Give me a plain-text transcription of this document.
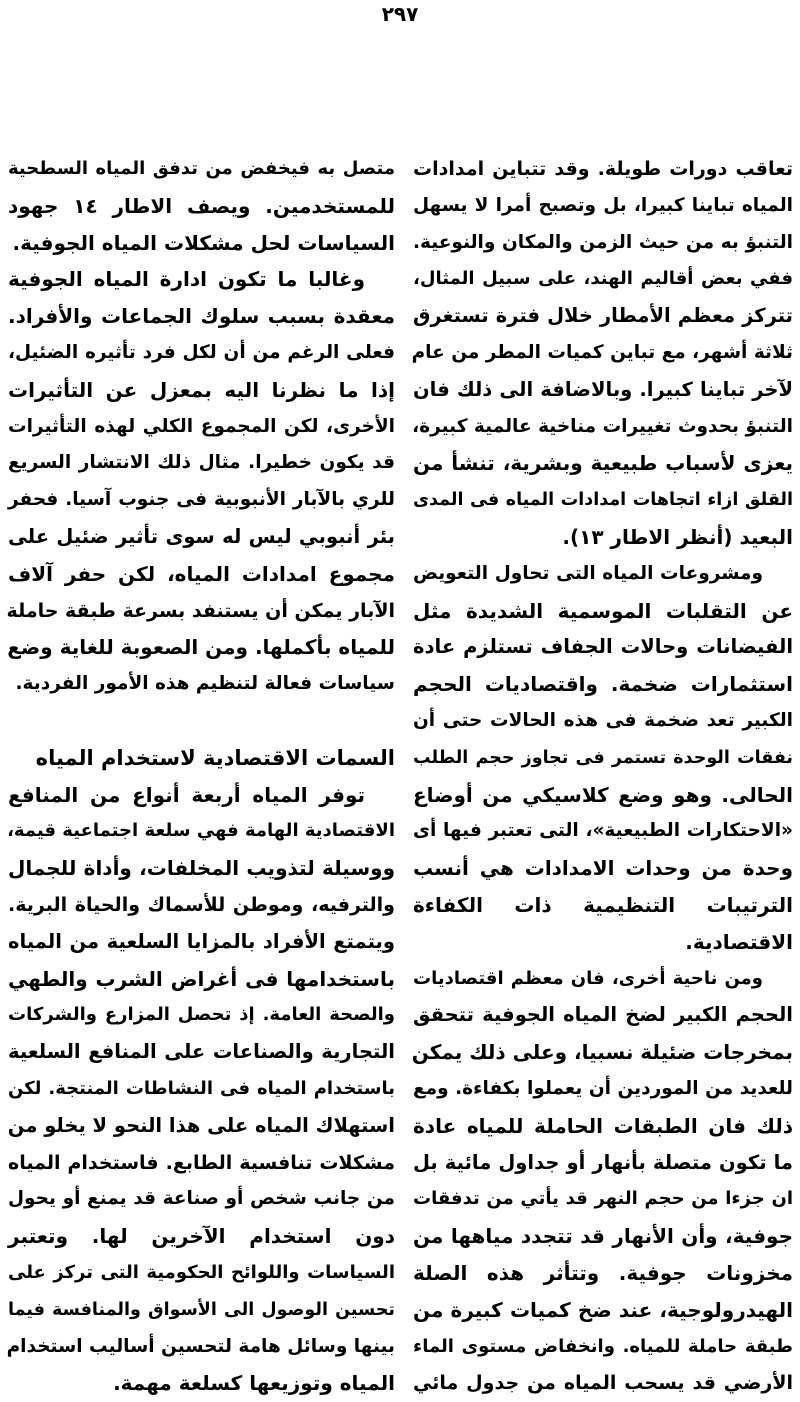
٢٩٧
تعاقب دورات طويلة. وقد تتباين امدادات
المياه تباينا كبيرا، بل وتصبح أمرا لا يسهل
التنبؤ به من حيث الزمن والمكان والنوعية.
ففي بعض أقاليم الهند، على سبيل المثال،
تتركز معظم الأمطار خلال فترة تستغرق
ثلاثة أشهر، مع تباين كميات المطر من عام
لآخر تباينا كبيرا. وبالاضافة الى ذلك فان
التنبؤ بحدوث تغييرات مناخية عالمية كبيرة،
يعزى لأسباب طبيعية وبشرية، تنشأ من
القلق ازاء اتجاهات امدادات المياه فى المدى
البعيد (أنظر الاطار ١٣).
ومشروعات المياه التى تحاول التعويض
عن التقلبات الموسمية الشديدة مثل
الفيضانات وحالات الجفاف تستلزم عادة
استثمارات ضخمة. واقتصاديات الحجم
الكبير تعد ضخمة فى هذه الحالات حتى أن
نفقات الوحدة تستمر فى تجاوز حجم الطلب
الحالى. وهو وضع كلاسيكي من أوضاع
«الاحتكارات الطبيعية»، التى تعتبر فيها أى
وحدة من وحدات الامدادات هي أنسب
الترتيبات التنظيمية ذات الكفاءة
الاقتصادية.
ومن ناحية أخرى، فان معظم اقتصاديات
الحجم الكبير لضخ المياه الجوفية تتحقق
بمخرجات ضئيلة نسبيا، وعلى ذلك يمكن
للعديد من الموردين أن يعملوا بكفاءة. ومع
ذلك فان الطبقات الحاملة للمياه عادة
ما تكون متصلة بأنهار أو جداول مائية بل
ان جزءا من حجم النهر قد يأتي من تدفقات
جوفية، وأن الأنهار قد تتجدد مياهها من
مخزونات جوفية. وتتأثر هذه الصلة
الهيدرولوجية، عند ضخ كميات كبيرة من
طبقة حاملة للمياه. وانخفاض مستوى الماء
الأرضي قد يسحب المياه من جدول مائي
متصل به فيخفض من تدفق المياه السطحية
للمستخدمين. ويصف الاطار ١٤ جهود
السياسات لحل مشكلات المياه الجوفية.
وغالبا ما تكون ادارة المياه الجوفية
معقدة بسبب سلوك الجماعات والأفراد.
فعلى الرغم من أن لكل فرد تأثيره الضئيل،
إذا ما نظرنا اليه بمعزل عن التأثيرات
الأخرى، لكن المجموع الكلي لهذه التأثيرات
قد يكون خطيرا. مثال ذلك الانتشار السريع
للري بالآبار الأنبوبية فى جنوب آسيا. فحفر
بئر أنبوبي ليس له سوى تأثير ضئيل على
مجموع امدادات المياه، لكن حفر آلاف
الآبار يمكن أن يستنفد بسرعة طبقة حاملة
للمياه بأكملها. ومن الصعوبة للغاية وضع
سياسات فعالة لتنظيم هذه الأمور الفردية.
السمات الاقتصادية لاستخدام المياه
توفر المياه أربعة أنواع من المنافع
الاقتصادية الهامة فهي سلعة اجتماعية قيمة،
ووسيلة لتذويب المخلفات، وأداة للجمال
والترفيه، وموطن للأسماك والحياة البرية.
ويتمتع الأفراد بالمزايا السلعية من المياه
باستخدامها فى أغراض الشرب والطهي
والصحة العامة. إذ تحصل المزارع والشركات
التجارية والصناعات على المنافع السلعية
باستخدام المياه فى النشاطات المنتجة. لكن
استهلاك المياه على هذا النحو لا يخلو من
مشكلات تنافسية الطابع. فاستخدام المياه
من جانب شخص أو صناعة قد يمنع أو يحول
دون استخدام الآخرين لها. وتعتبر
السياسات واللوائح الحكومية التى تركز على
تحسين الوصول الى الأسواق والمنافسة فيما
بينها وسائل هامة لتحسين أساليب استخدام
المياه وتوزيعها كسلعة مهمة.
